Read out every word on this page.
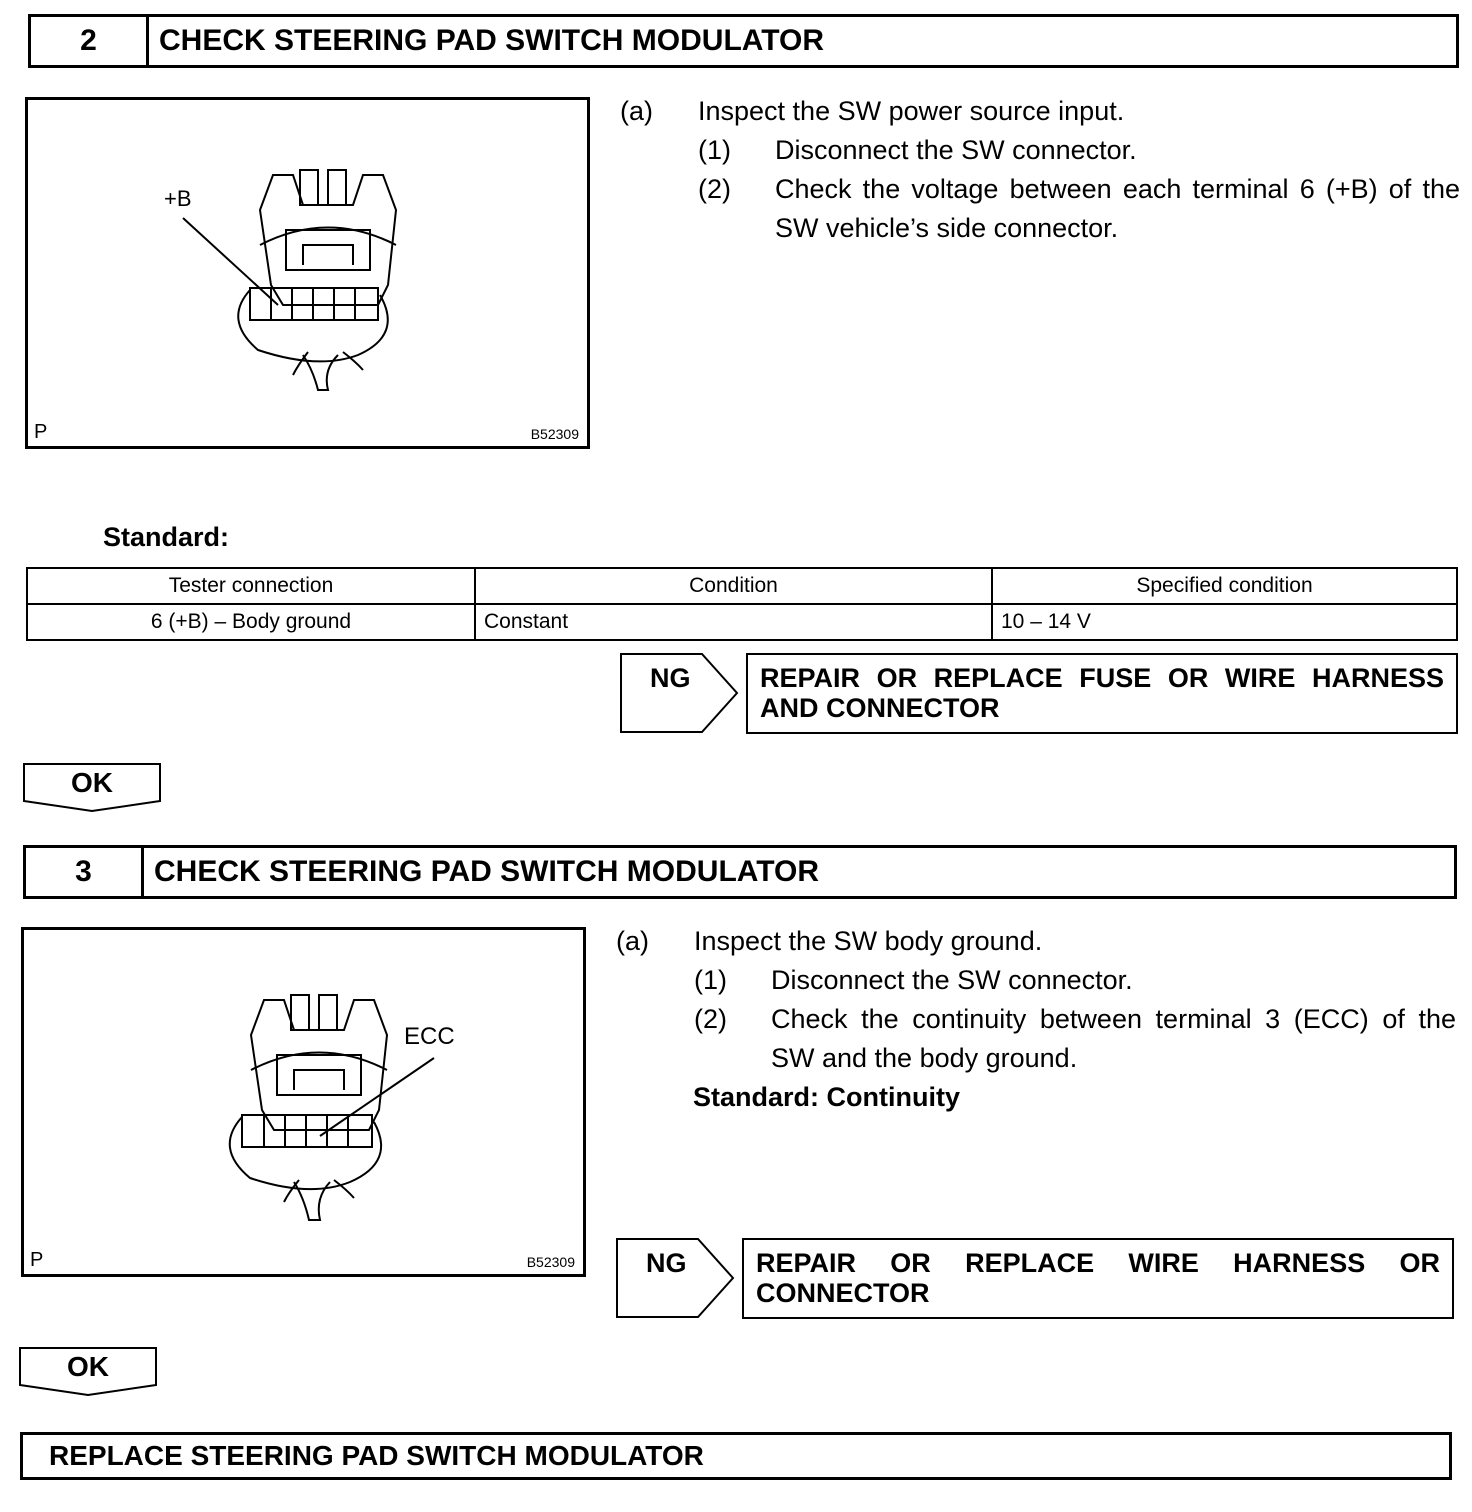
2	CHECK STEERING PAD SWITCH MODULATOR
+B
P	B52309
(a)	Inspect the SW power source input.
(1)	Disconnect the SW connector.
(2)	Check the voltage between each terminal 6 (+B) of the SW vehicle’s side connector.
Standard:
Tester connection	Condition	Specified condition
6 (+B) – Body ground	Constant	10 – 14 V
NG	REPAIR OR REPLACE FUSE OR WIRE HARNESS AND CONNECTOR
OK
3	CHECK STEERING PAD SWITCH MODULATOR
ECC
P	B52309
(a)	Inspect the SW body ground.
(1)	Disconnect the SW connector.
(2)	Check the continuity between terminal 3 (ECC) of the SW and the body ground.
Standard: Continuity
NG	REPAIR OR REPLACE WIRE HARNESS OR CONNECTOR
OK
REPLACE STEERING PAD SWITCH MODULATOR
